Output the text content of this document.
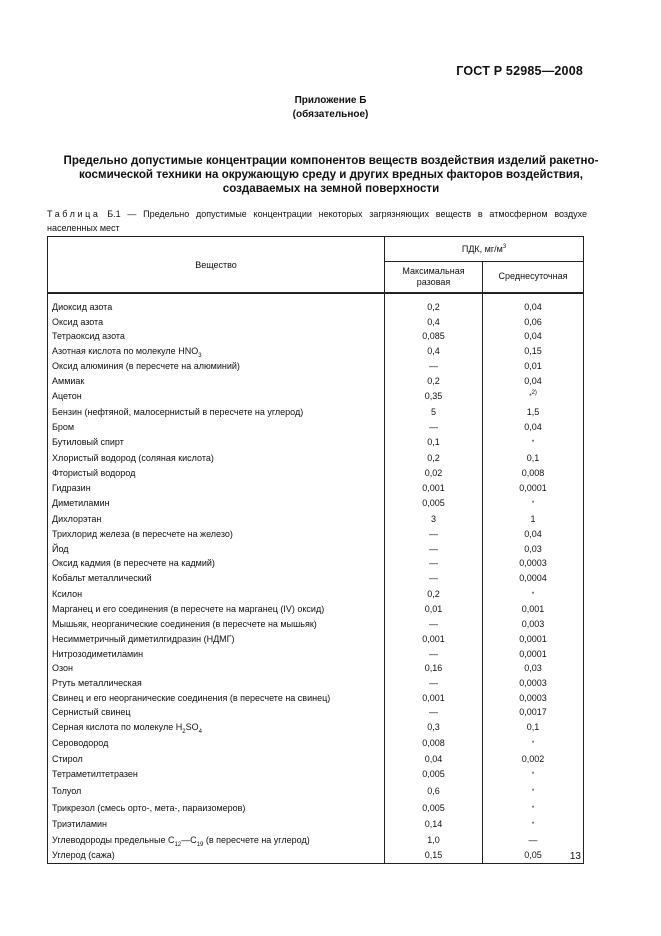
ГОСТ Р 52985—2008
Приложение Б
(обязательное)
Предельно допустимые концентрации компонентов веществ воздействия изделий ракетно-
космической техники на окружающую среду и других вредных факторов воздействия,
создаваемых на земной поверхности
Таблица Б.1 — Предельно допустимые концентрации некоторых загрязняющих веществ в атмосферном воздухе населенных мест
Вещество	ПДК, $мг/м^3$
	Максимальная разовая	Среднесуточная

Диоксид азота	0,2	0,04
Оксид азота	0,4	0,06
Тетраоксид азота	0,085	0,04
Азотная кислота по молекуле $HNO_3$	0,4	0,15
Оксид алюминия (в пересчете на алюминий)	—	0,01
Аммиак	0,2	0,04
Ацетон	0,35	*$^{2)}$
Бензин (нефтяной, малосернистый в пересчете на углерод)	5	1,5
Бром	—	0,04
Бутиловый спирт	0,1	*
Хлористый водород (соляная кислота)	0,2	0,1
Фтористый водород	0,02	0,008
Гидразин	0,001	0,0001
Диметиламин	0,005	*
Дихлорэтан	3	1
Трихлорид железа (в пересчете на железо)	—	0,04
Йод	—	0,03
Оксид кадмия (в пересчете на кадмий)	—	0,0003
Кобальт металлический	—	0,0004
Ксилон	0,2	*
Марганец и его соединения (в пересчете на марганец (IV) оксид)	0,01	0,001
Мышьяк, неорганические соединения (в пересчете на мышьяк)	—	0,003
Несимметричный диметилгидразин (НДМГ)	0,001	0,0001
Нитрозодиметиламин	—	0,0001
Озон	0,16	0,03
Ртуть металлическая	—	0,0003
Свинец и его неорганические соединения (в пересчете на свинец)	0,001	0,0003
Сернистый свинец	—	0,0017
Серная кислота по молекуле $H_2SO_4$	0,3	0,1
Сероводород	0,008	*
Стирол	0,04	0,002
Тетраметилтетразен	0,005	*
Толуол	0,6	*
Трикрезол (смесь орто-, мета-, параизомеров)	0,005	*
Триэтиламин	0,14	*
Углеводороды предельные $C_{12}—C_{19}$ (в пересчете на углерод)	1,0	—
Углерод (сажа)	0,15	0,05	13
